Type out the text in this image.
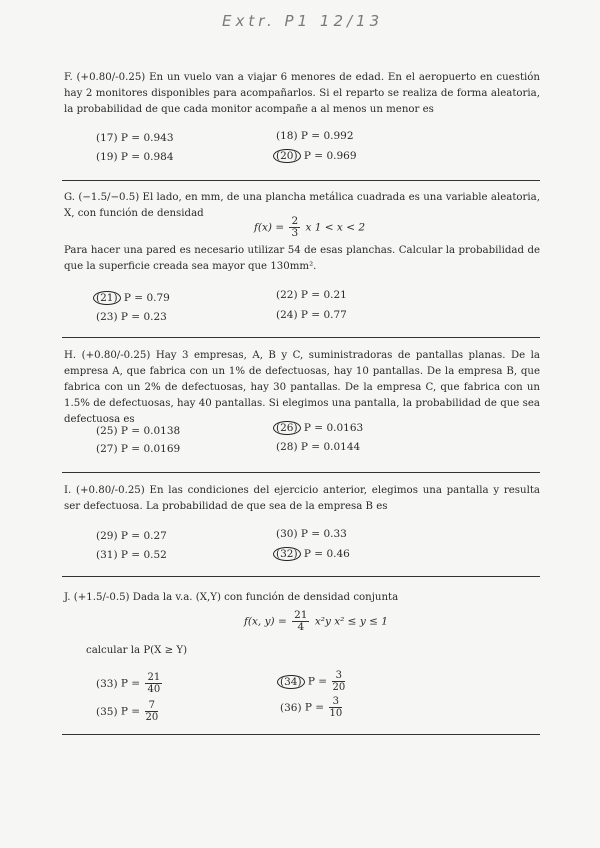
Extr. P1 12/13
F. (+0.80/-0.25) En un vuelo van a viajar 6 menores de edad. En el aeropuerto en cuestión hay 2 monitores disponibles para acompañarlos. Si el reparto se realiza de forma aleatoria, la probabilidad de que cada monitor acompañe a al menos un menor es
(17) P = 0.943	(18) P = 0.992
(19) P = 0.984	(20) P = 0.969
G. (−1.5/−0.5) El lado, en mm, de una plancha metálica cuadrada es una variable aleatoria, X, con función de densidad
$f(x) = \frac{2}{3}$ x 1 < x < 2
Para hacer una pared es necesario utilizar 54 de esas planchas. Calcular la probabilidad de que la superficie creada sea mayor que 130mm².
(21) P = 0.79	(22) P = 0.21
(23) P = 0.23	(24) P = 0.77
H. (+0.80/-0.25) Hay 3 empresas, A, B y C, suministradoras de pantallas planas. De la empresa A, que fabrica con un 1% de defectuosas, hay 10 pantallas. De la empresa B, que fabrica con un 2% de defectuosas, hay 30 pantallas. De la empresa C, que fabrica con un 1.5% de defectuosas, hay 40 pantallas. Si elegimos una pantalla, la probabilidad de que sea defectuosa es
(25) P = 0.0138	(26) P = 0.0163
(27) P = 0.0169	(28) P = 0.0144
I. (+0.80/-0.25) En las condiciones del ejercicio anterior, elegimos una pantalla y resulta ser defectuosa. La probabilidad de que sea de la empresa B es
(29) P = 0.27	(30) P = 0.33
(31) P = 0.52	(32) P = 0.46
J. (+1.5/-0.5) Dada la v.a. (X,Y) con función de densidad conjunta
f(x, $y) = \frac{21}{4} x^2y$ x² ≤ y ≤ 1
calcular la P(X ≥ Y)
(33) $P = \frac{21}{40}$	(34) $P = \frac{3}{20}$
(35) $P = \frac{7}{20}$	(36) $P = \frac{3}{10}$
